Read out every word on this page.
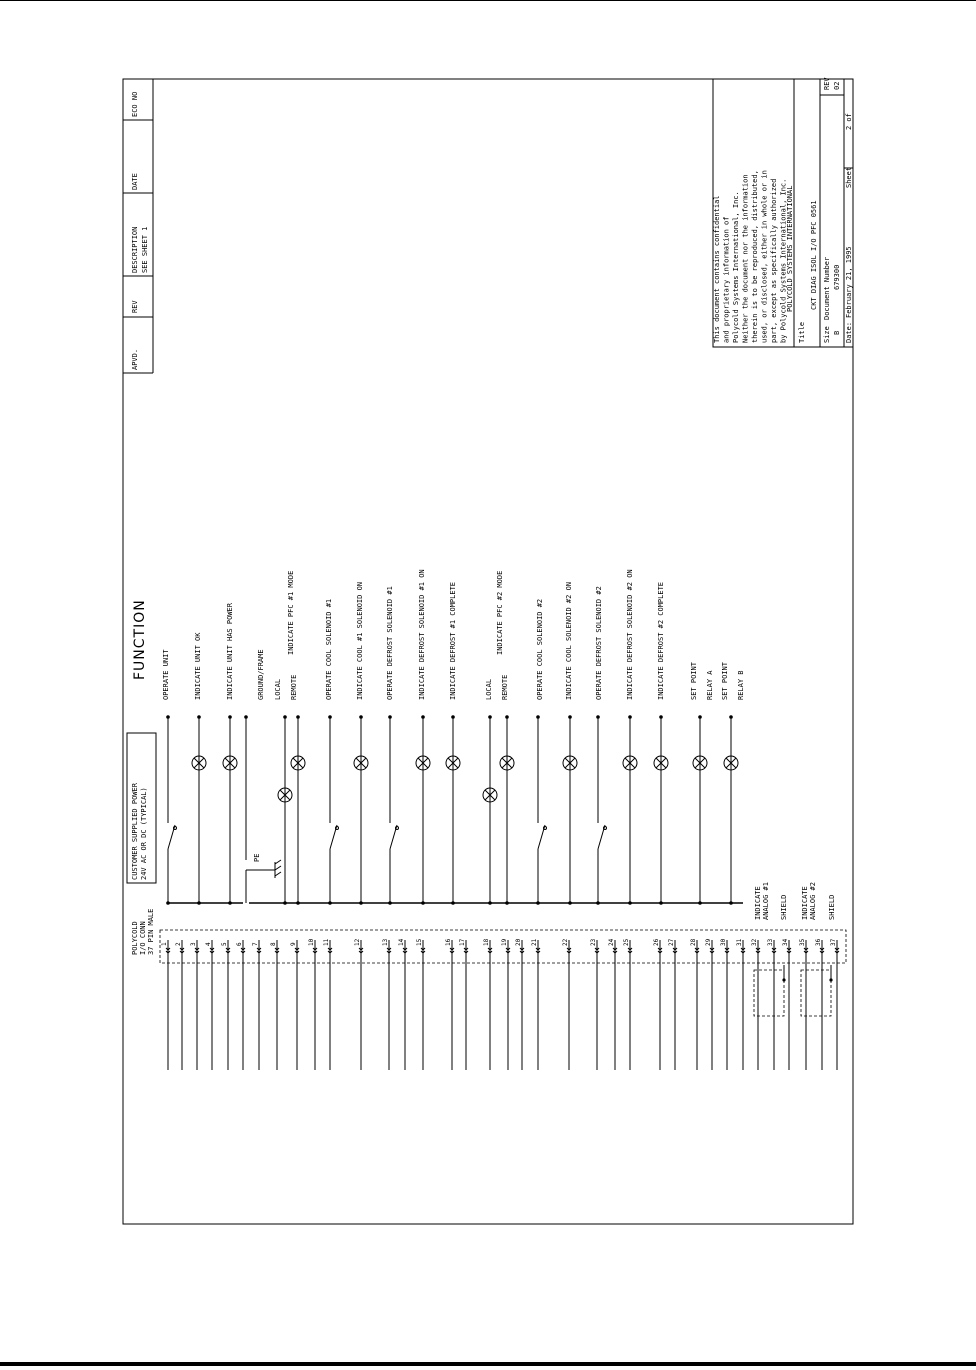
APVD.
REV
DESCRIPTION
DATE
ECO NO
SEE SHEET 1
POLYCOLD I/O CONN 37 PIN MALE
CUSTOMER SUPPLIED POWER 24V AC OR DC (TYPICAL)
FUNCTION
1 2 3 4 5 6 7 8 9 10 11	12	13 14 15	16 17	18 19 20 21	22	23 24 25	26 27	28 29 30 31 32 33 34 35 36 37
PE
OPERATE UNIT	INDICATE UNIT OK	INDICATE UNIT HAS POWER	GROUND/FRAME LOCAL REMOTE
INDICATE PFC #1 MODE	OPERATE COOL SOLENOID #1	INDICATE COOL #1 SOLENOID ON	OPERATE DEFROST SOLENOID #1	INDICATE DEFROST SOLENOID #1 ON	INDICATE DEFROST #1 COMPLETE	LOCAL REMOTE
INDICATE PFC #2 MODE	OPERATE COOL SOLENOID #2	INDICATE COOL SOLENOID #2 ON	OPERATE DEFROST SOLENOID #2	INDICATE DEFROST SOLENOID #2 ON	INDICATE DEFROST #2 COMPLETE	SET POINT RELAY A SET POINT RELAY B
INDICATE ANALOG #1 SHIELD INDICATE ANALOG #2 SHIELD
This document contains confidential and proprietary information of Polycold Systems International, Inc. Neither the document nor the information therein is to be reproduced, distributed, used, or disclosed, either in whole or in part, except as specifically authorized by Polycold Systems International, Inc.
POLYCOLD SYSTEMS INTERNATIONAL
Title
CKT DIAG ISOL I/O PFC 0561
Size
Document Number
B
679300
REV 02
Date:
February 21, 1995
Sheet
2 of
